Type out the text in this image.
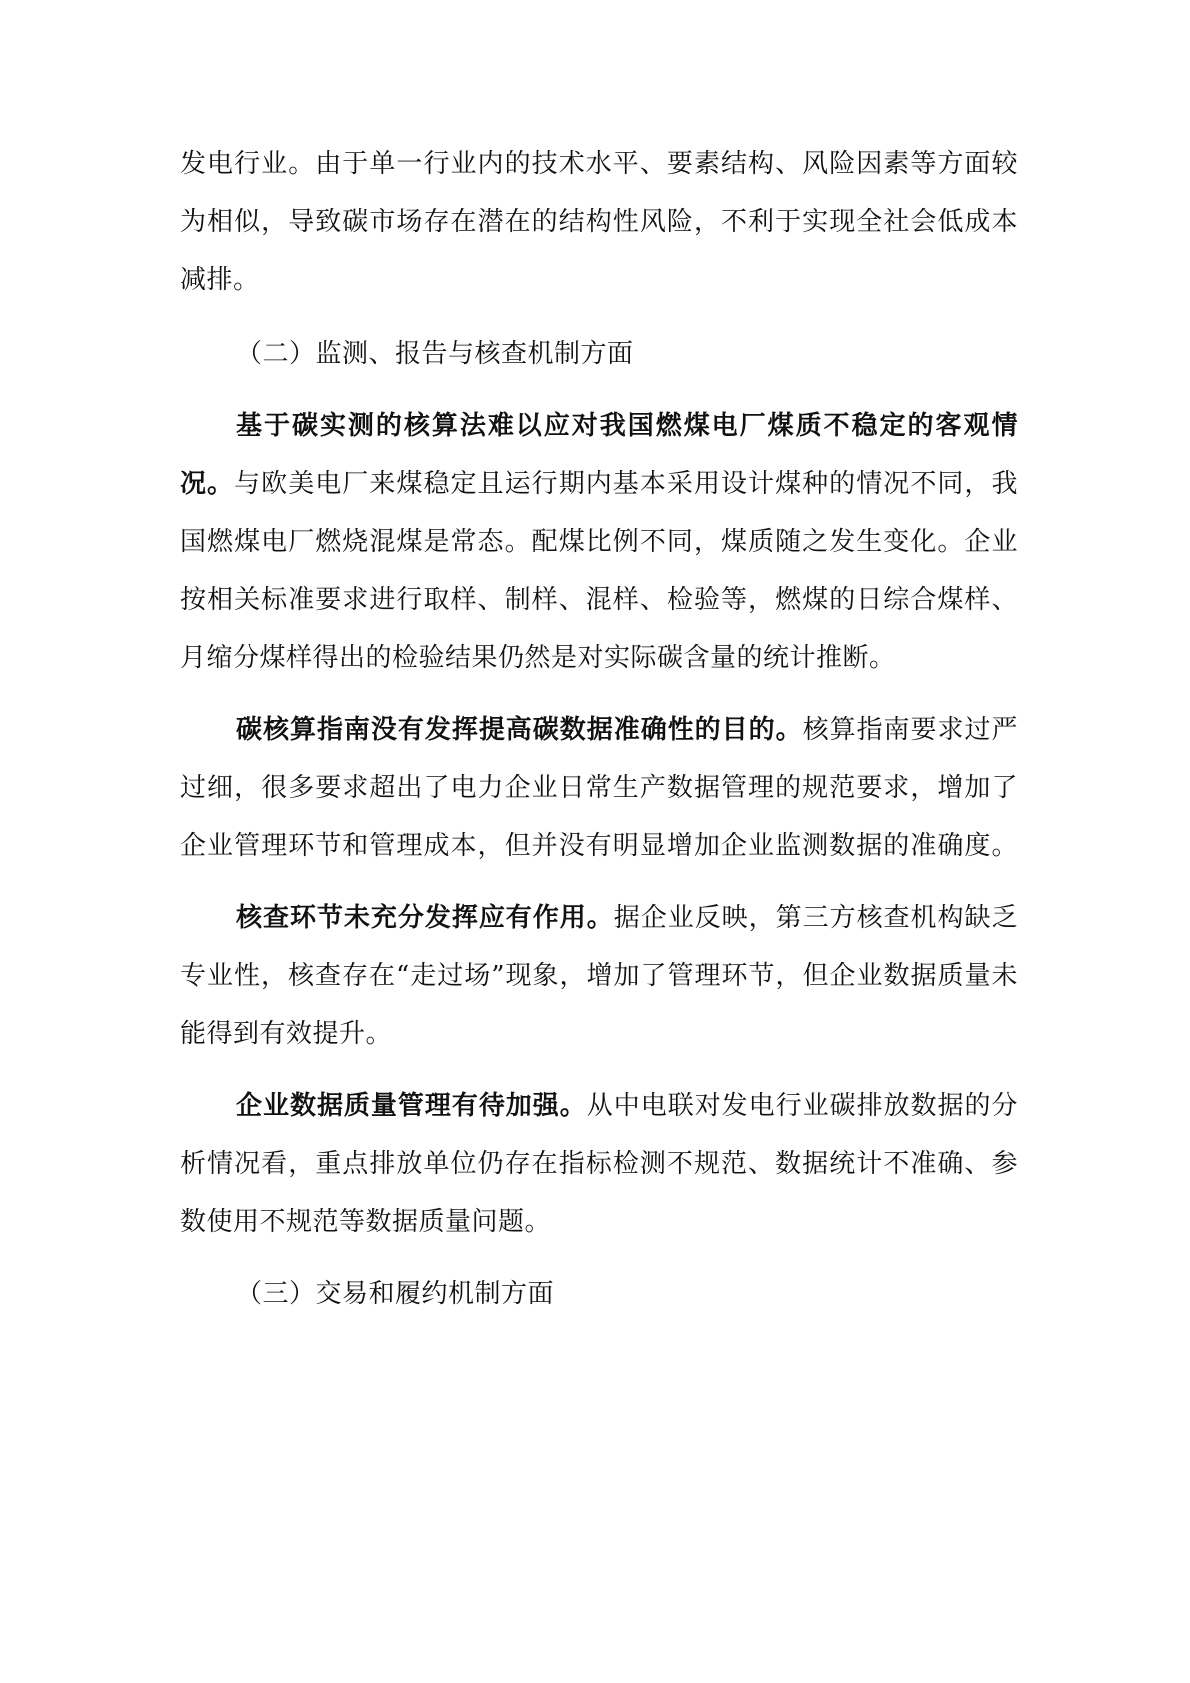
发电行业。由于单一行业内的技术水平、要素结构、风险因素等方面较
为相似，导致碳市场存在潜在的结构性风险，不利于实现全社会低成本
减排。
（二）监测、报告与核查机制方面
基于碳实测的核算法难以应对我国燃煤电厂煤质不稳定的客观情
况。与欧美电厂来煤稳定且运行期内基本采用设计煤种的情况不同，我
国燃煤电厂燃烧混煤是常态。配煤比例不同，煤质随之发生变化。企业
按相关标准要求进行取样、制样、混样、检验等，燃煤的日综合煤样、
月缩分煤样得出的检验结果仍然是对实际碳含量的统计推断。
碳核算指南没有发挥提高碳数据准确性的目的。核算指南要求过严
过细，很多要求超出了电力企业日常生产数据管理的规范要求，增加了
企业管理环节和管理成本，但并没有明显增加企业监测数据的准确度。
核查环节未充分发挥应有作用。据企业反映，第三方核查机构缺乏
专业性，核查存在“走过场”现象，增加了管理环节，但企业数据质量未
能得到有效提升。
企业数据质量管理有待加强。从中电联对发电行业碳排放数据的分
析情况看，重点排放单位仍存在指标检测不规范、数据统计不准确、参
数使用不规范等数据质量问题。
（三）交易和履约机制方面
